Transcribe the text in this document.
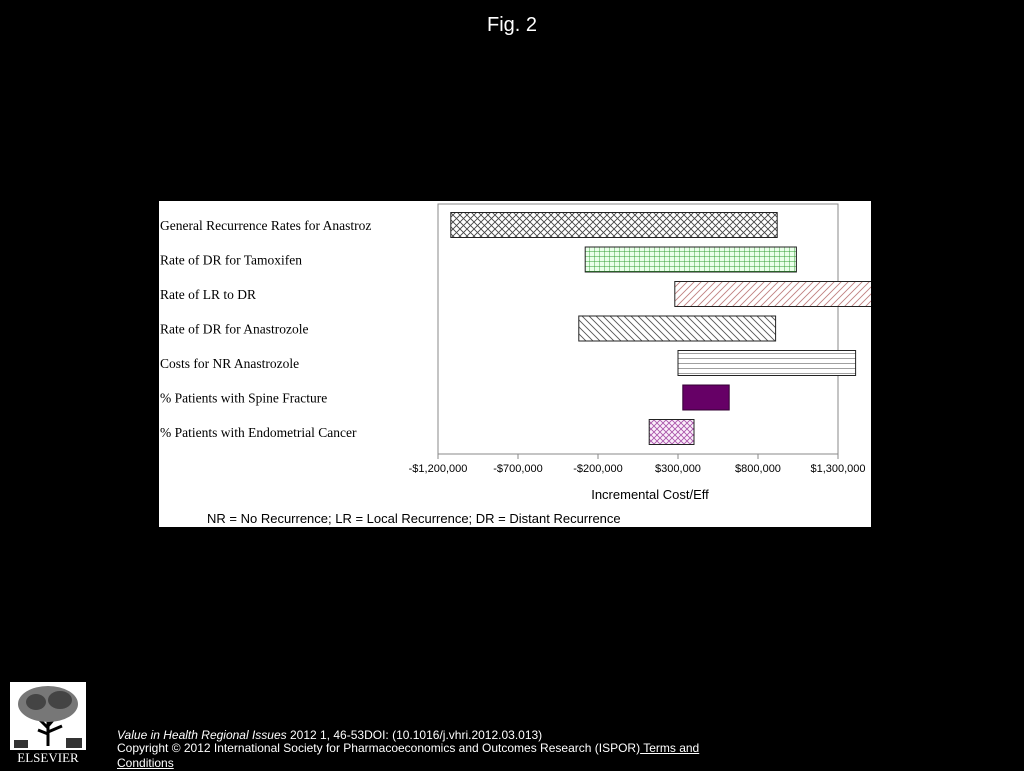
Fig. 2
General Recurrence Rates for Anastroz
Rate of DR for Tamoxifen
Rate of LR to DR
Rate of DR for Anastrozole
Costs for NR Anastrozole
% Patients with Spine Fracture
% Patients with Endometrial Cancer
-$1,200,000 -$700,000	-$200,000	$300,000	$800,000	$1,300,000
Incremental Cost/Eff
NR = No Recurrence; LR = Local Recurrence; DR = Distant Recurrence
ELSEVIER
Value in Health Regional Issues 2012 1, 46-53DOI: (10.1016/j.vhri.2012.03.013)
Copyright © 2012 International Society for Pharmacoeconomics and Outcomes Research (ISPOR) Terms and Conditions
